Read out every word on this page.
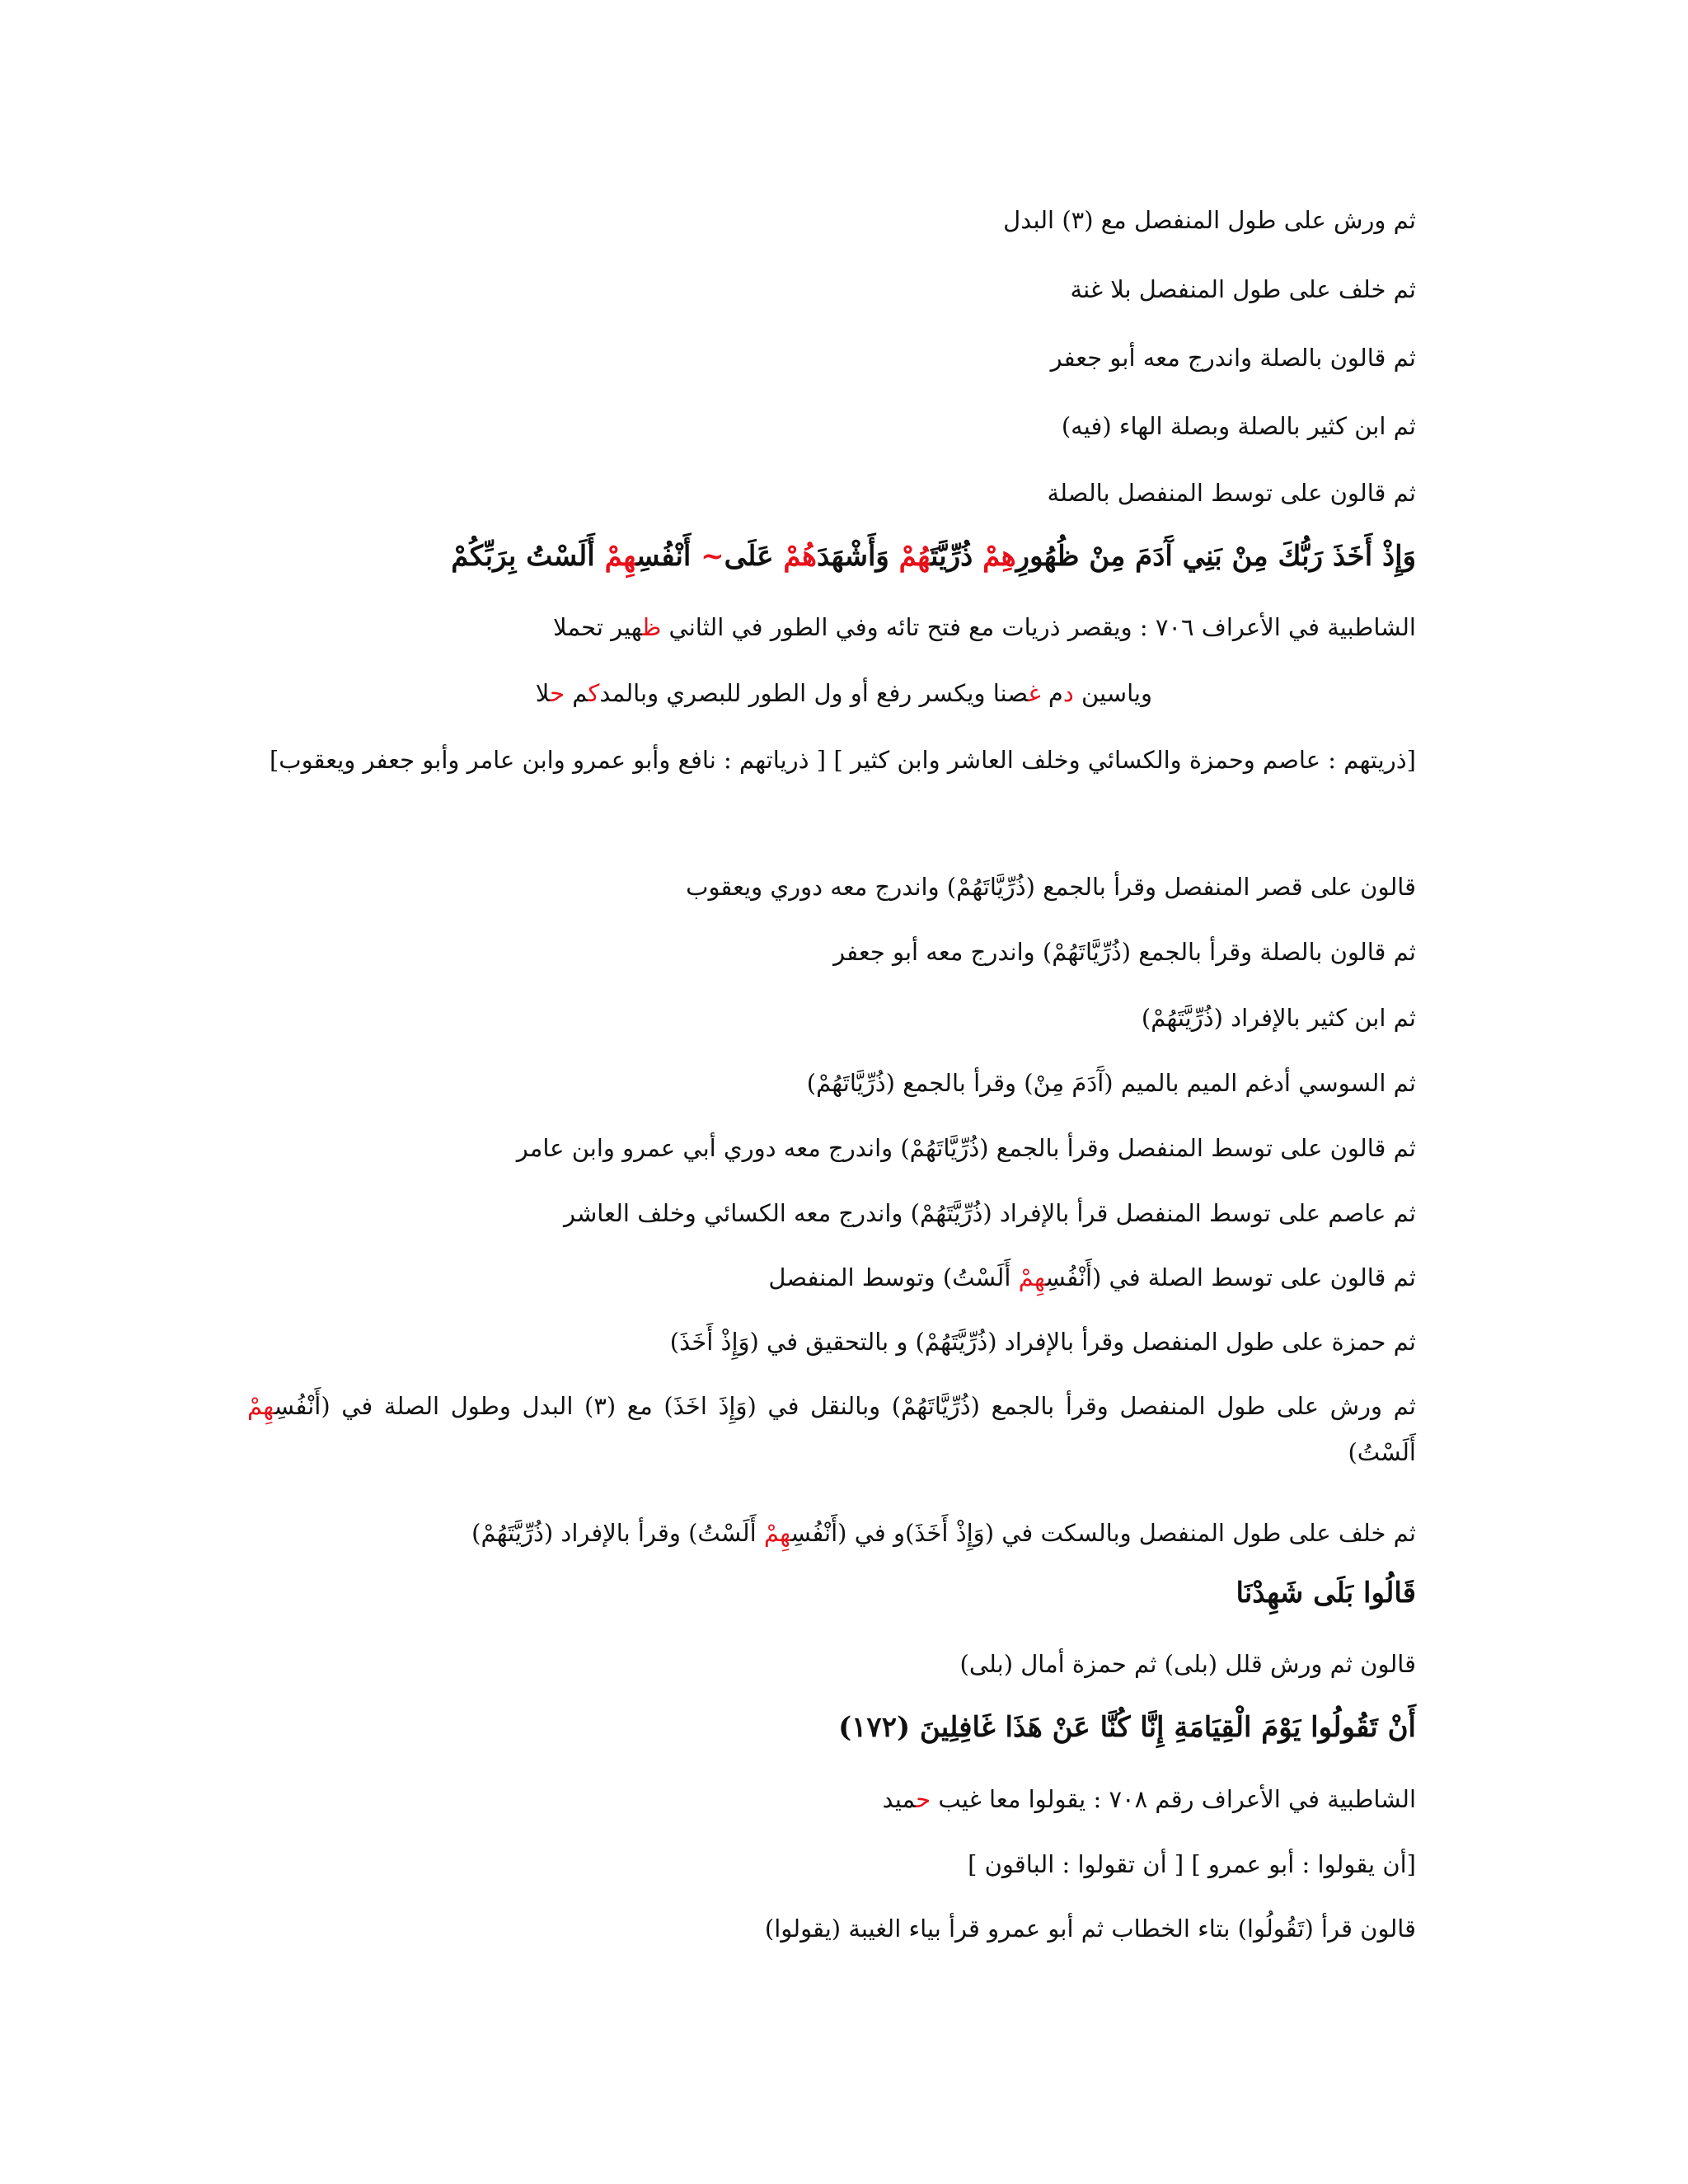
ثم ورش على طول المنفصل مع (٣) البدل
ثم خلف على طول المنفصل بلا غنة
ثم قالون بالصلة واندرج معه أبو جعفر
ثم ابن كثير بالصلة وبصلة الهاء (فيه)
ثم قالون على توسط المنفصل بالصلة
وَإِذْ أَخَذَ رَبُّكَ مِنْ بَنِي آَدَمَ مِنْ ظُهُورِهِمْ ذُرِّيَّتَهُمْ وَأَشْهَدَهُمْ عَلَى~ أَنْفُسِهِمْ أَلَسْتُ بِرَبِّكُمْ
الشاطبية في الأعراف ٧٠٦ : ويقصر ذريات مع فتح تائه وفي الطور في الثاني ظهير تحملا
وياسين دم غصنا ويكسر رفع أو ول الطور للبصري وبالمدكم حلا
[ذريتهم : عاصم وحمزة والكسائي وخلف العاشر وابن كثير ] [ ذرياتهم : نافع وأبو عمرو وابن عامر وأبو جعفر ويعقوب]
قالون على قصر المنفصل وقرأ بالجمع (ذُرِّيَّاتَهُمْ) واندرج معه دوري ويعقوب
ثم قالون بالصلة وقرأ بالجمع (ذُرِّيَّاتَهُمْ) واندرج معه أبو جعفر
ثم ابن كثير بالإفراد (ذُرِّيَّتَهُمْ)
ثم السوسي أدغم الميم بالميم (آَدَمَ مِنْ) وقرأ بالجمع (ذُرِّيَّاتَهُمْ)
ثم قالون على توسط المنفصل وقرأ بالجمع (ذُرِّيَّاتَهُمْ) واندرج معه دوري أبي عمرو وابن عامر
ثم عاصم على توسط المنفصل قرأ بالإفراد (ذُرِّيَّتَهُمْ) واندرج معه الكسائي وخلف العاشر
ثم قالون على توسط الصلة في (أَنْفُسِهِمْ أَلَسْتُ) وتوسط المنفصل
ثم حمزة على طول المنفصل وقرأ بالإفراد (ذُرِّيَّتَهُمْ) و بالتحقيق في (وَإِذْ أَخَذَ)
ثم ورش على طول المنفصل وقرأ بالجمع (ذُرِّيَّاتَهُمْ) وبالنقل في (وَإِذَ اخَذَ) مع (٣) البدل وطول الصلة في (أَنْفُسِهِمْ أَلَسْتُ)
ثم خلف على طول المنفصل وبالسكت في (وَإِذْ أَخَذَ)و في (أَنْفُسِهِمْ أَلَسْتُ) وقرأ بالإفراد (ذُرِّيَّتَهُمْ)
قَالُوا بَلَى شَهِدْنَا
قالون ثم ورش قلل (بلى) ثم حمزة أمال (بلى)
أَنْ تَقُولُوا يَوْمَ الْقِيَامَةِ إِنَّا كُنَّا عَنْ هَذَا غَافِلِينَ (١٧٢)
الشاطبية في الأعراف رقم ٧٠٨ : يقولوا معا غيب حميد
[أن يقولوا : أبو عمرو ] [ أن تقولوا : الباقون ]
قالون قرأ (تَقُولُوا) بتاء الخطاب ثم أبو عمرو قرأ بياء الغيبة (يقولوا)
